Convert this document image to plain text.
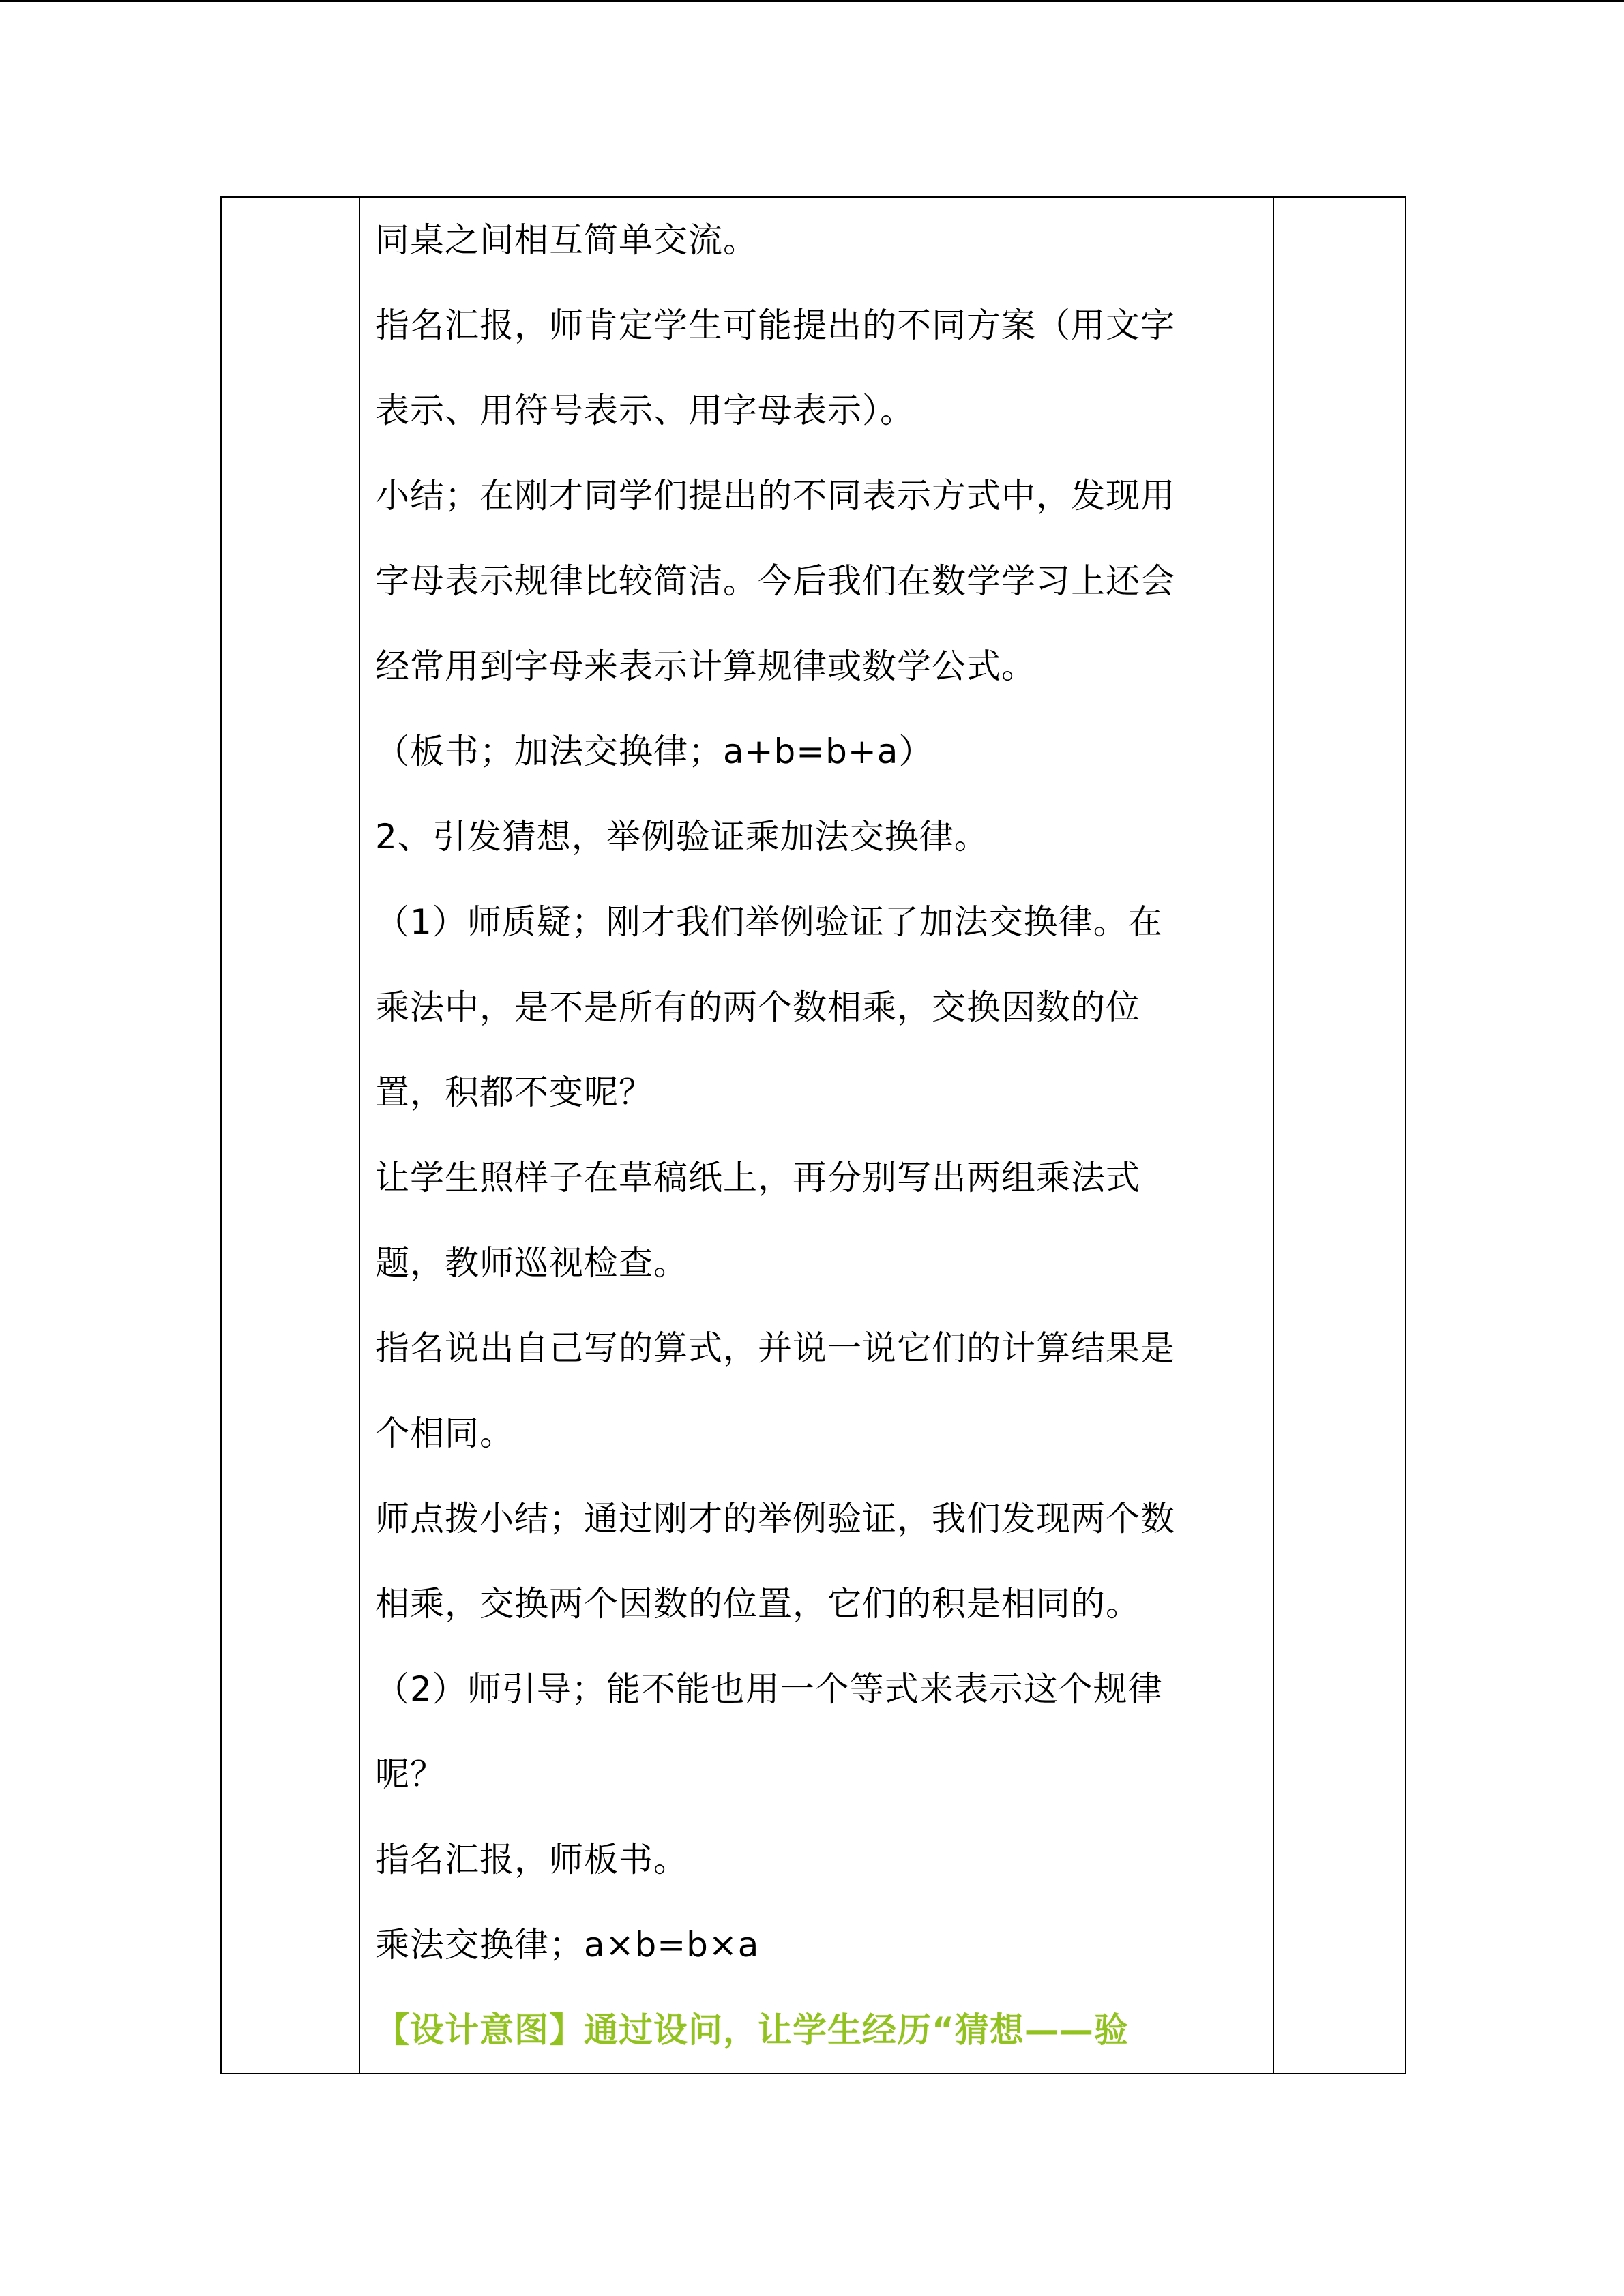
同桌之间相互简单交流。
指名汇报，师肯定学生可能提出的不同方案（用文字
表示、用符号表示、用字母表示）。
小结；在刚才同学们提出的不同表示方式中，发现用
字母表示规律比较简洁。今后我们在数学学习上还会
经常用到字母来表示计算规律或数学公式。
（板书；加法交换律；a+b=b+a）
2、引发猜想，举例验证乘加法交换律。
（1）师质疑；刚才我们举例验证了加法交换律。在
乘法中，是不是所有的两个数相乘，交换因数的位
置，积都不变呢？
让学生照样子在草稿纸上，再分别写出两组乘法式
题，教师巡视检查。
指名说出自己写的算式，并说一说它们的计算结果是
个相同。
师点拨小结；通过刚才的举例验证，我们发现两个数
相乘，交换两个因数的位置，它们的积是相同的。
（2）师引导；能不能也用一个等式来表示这个规律
呢？
指名汇报，师板书。
乘法交换律；a×b=b×a
【设计意图】通过设问，让学生经历“猜想——验
